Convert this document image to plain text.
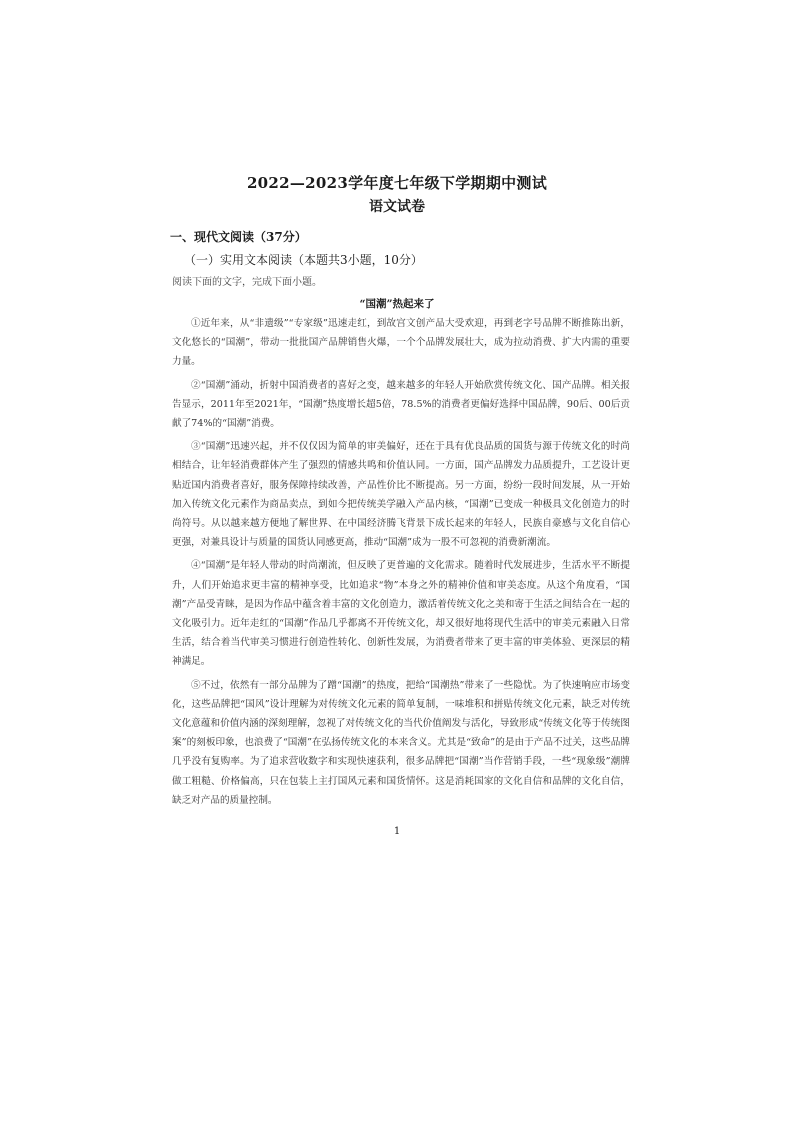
2022—2023学年度七年级下学期期中测试
语文试卷
一、现代文阅读（37分）
（一）实用文本阅读（本题共3小题，10分）
阅读下面的文字，完成下面小题。
“国潮”热起来了

①近年来，从“非遗级”“专家级”迅速走红，到故宫文创产品大受欢迎，再到老字号品牌不断推陈出新，文化悠长的“国潮”，带动一批批国产品牌销售火爆，一个个品牌发展壮大，成为拉动消费、扩大内需的重要力量。

②“国潮”涌动，折射中国消费者的喜好之变，越来越多的年轻人开始欣赏传统文化、国产品牌。相关报告显示，2011年至2021年，“国潮”热度增长超5倍，78.5%的消费者更偏好选择中国品牌，90后、00后贡献了74%的“国潮”消费。

③“国潮”迅速兴起，并不仅仅因为简单的审美偏好，还在于具有优良品质的国货与源于传统文化的时尚相结合，让年轻消费群体产生了强烈的情感共鸣和价值认同。一方面，国产品牌发力品质提升，工艺设计更贴近国内消费者喜好，服务保障持续改善，产品性价比不断提高。另一方面，纷纷一段时间发展，从一开始加入传统文化元素作为商品卖点，到如今把传统美学融入产品内核，“国潮”已变成一种极具文化创造力的时尚符号。从以越来越方便地了解世界、在中国经济腾飞背景下成长起来的年轻人，民族自豪感与文化自信心更强，对兼具设计与质量的国货认同感更高，推动“国潮”成为一股不可忽视的消费新潮流。

④“国潮”是年轻人带动的时尚潮流，但反映了更普遍的文化需求。随着时代发展进步，生活水平不断提升，人们开始追求更丰富的精神享受，比如追求“物”本身之外的精神价值和审美态度。从这个角度看，“国潮”产品受青睐，是因为作品中蕴含着丰富的文化创造力，激活着传统文化之美和寄于生活之间结合在一起的文化吸引力。近年走红的“国潮”作品几乎都离不开传统文化，却又很好地将现代生活中的审美元素融入日常生活，结合着当代审美习惯进行创造性转化、创新性发展，为消费者带来了更丰富的审美体验、更深层的精神满足。

⑤不过，依然有一部分品牌为了蹭“国潮”的热度，把给“国潮热”带来了一些隐忧。为了快速响应市场变化，这些品牌把“国风”设计理解为对传统文化元素的简单复制，一味堆积和拼贴传统文化元素，缺乏对传统文化意蕴和价值内涵的深刻理解，忽视了对传统文化的当代价值阐发与活化，导致形成“传统文化等于传统图案”的刻板印象，也浪费了“国潮”在弘扬传统文化的本来含义。尤其是“致命”的是由于产品不过关，这些品牌几乎没有复购率。为了追求营收数字和实现快速获利，很多品牌把“国潮”当作营销手段，一些“现象级”潮牌做工粗糙、价格偏高，只在包装上主打国风元素和国货情怀。这是消耗国家的文化自信和品牌的文化自信，缺乏对产品的质量控制。

1
